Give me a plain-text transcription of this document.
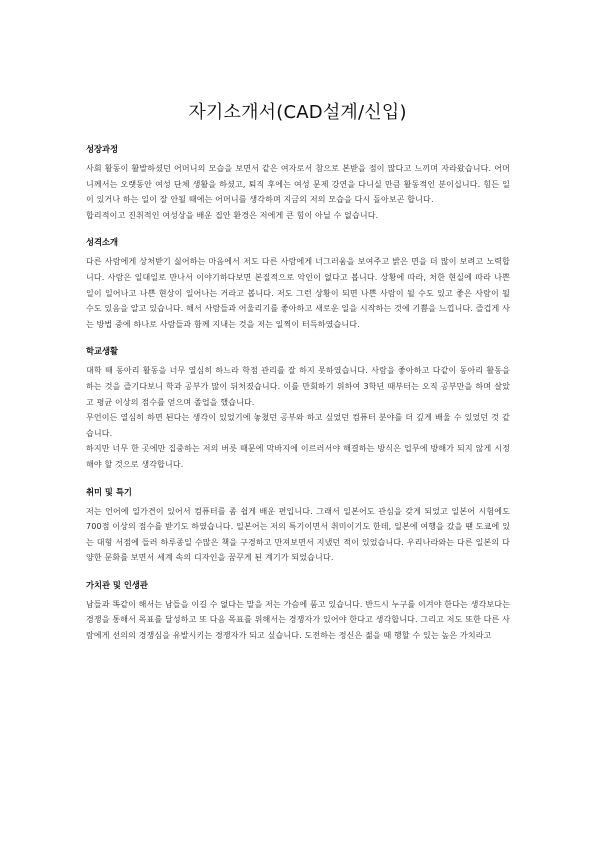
자기소개서(CAD설계/신입)
성장과정

사회 활동이 활발하셨던 어머니의 모습을 보면서 같은 여자로서 참으로 본받을 점이 많다고 느끼며 자라왔습니다. 어머니께서는 오랫동안 여성 단체 생활을 하셨고, 퇴직 후에는 여성 문제 강연을 다니실 만큼 활동적인 분이십니다. 힘든 일이 있거나 하는 일이 잘 안될 때에는 어머니를 생각하며 지금의 저의 모습을 다시 돌아보곤 합니다.

합리적이고 진취적인 여성상을 배운 집안 환경은 저에게 큰 힘이 아닐 수 없습니다.

성격소개

다른 사람에게 상처받기 싫어하는 마음에서 저도 다른 사람에게 너그러움을 보여주고 밝은 면을 더 많이 보려고 노력합니다. 사람은 일대일로 만나서 이야기하다보면 본질적으로 악인이 없다고 봅니다. 상황에 따라, 처한 현실에 따라 나쁜 일이 일어나고 나쁜 현상이 일어나는 거라고 봅니다. 저도 그런 상황이 되면 나쁜 사람이 될 수도 있고 좋은 사람이 될 수도 있음을 알고 있습니다. 해서 사람들과 어울리기를 좋아하고 새로운 일을 시작하는 것에 기쁨을 느낍니다. 즐겁게 사는 방법 중에 하나로 사람들과 함께 지내는 것을 저는 일찍이 터득하였습니다.

학교생활

대학 때 동아리 활동을 너무 열심히 하느라 학점 관리를 잘 하지 못하였습니다. 사람을 좋아하고 다같이 동아리 활동을 하는 것을 즐기다보니 학과 공부가 많이 뒤처졌습니다. 이를 만회하기 위하여 3학년 때부터는 오직 공부만을 하며 살았고 평균 이상의 점수를 얻으며 졸업을 했습니다.

무언이든 열심히 하면 된다는 생각이 있었기에 놓쳤던 공부와 하고 싶었던 컴퓨터 분야를 더 깊게 배울 수 있었던 것 같습니다.

하지만 너무 한 곳에만 집중하는 저의 버릇 때문에 막바지에 이르러서야 해결하는 방식은 업무에 방해가 되지 않게 시정해야 할 것으로 생각합니다.

취미 및 특기

저는 언어에 일가견이 있어서 컴퓨터를 좀 쉽게 배운 편입니다. 그래서 일본어도 관심을 갖게 되었고 일본어 시험에도 700점 이상의 점수를 받기도 하였습니다. 일본어는 저의 특기이면서 취미이기도 한데, 일본에 여행을 갔을 땐 도쿄에 있는 대형 서점에 들러 하루종일 수많은 책을 구경하고 만져보면서 지냈던 적이 있었습니다. 우리나라와는 다른 일본의 다양한 문화를 보면서 세계 속의 디자인을 꿈꾸게 된 계기가 되었습니다.

가치관 및 인생관

남들과 똑같이 해서는 남들을 이길 수 없다는 말을 저는 가슴에 품고 있습니다. 반드시 누구를 이겨야 한다는 생각보다는 경쟁을 통해서 목표를 달성하고 또 다음 목표를 위해서는 경쟁자가 있어야 한다고 생각합니다. 그리고 저도 또한 다른 사람에게 선의의 경쟁심을 유발시키는 경쟁자가 되고 싶습니다. 도전하는 정신은 젊을 때 행할 수 있는 높은 가치라고
